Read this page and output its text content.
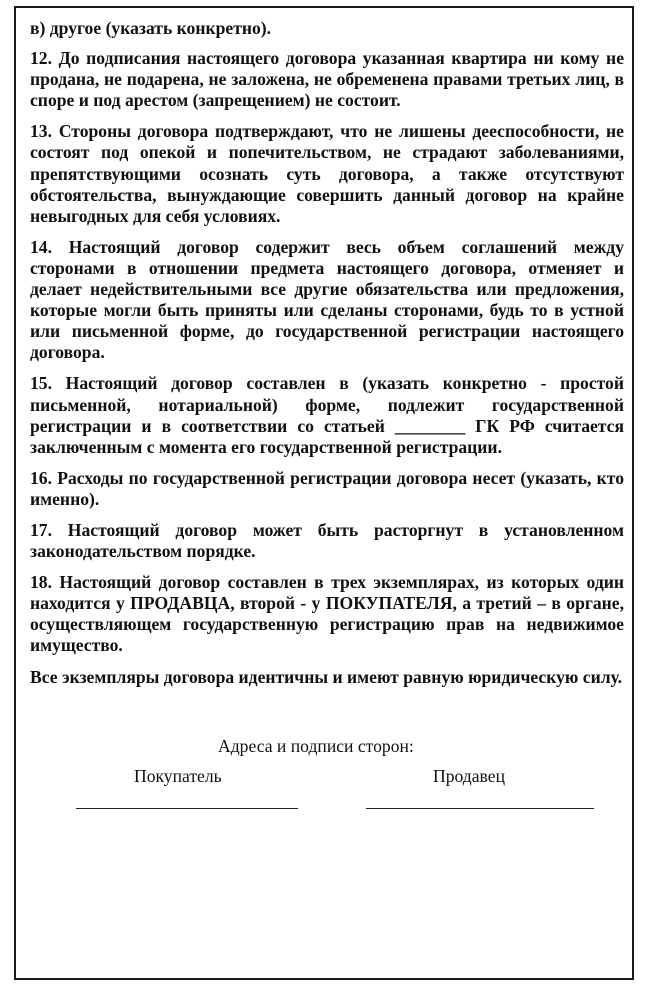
в) другое (указать конкретно).

12. До подписания настоящего договора указанная квартира ни кому не продана, не подарена, не заложена, не обременена правами третьих лиц, в споре и под арестом (запрещением) не состоит.

13. Стороны договора подтверждают, что не лишены дееспособности, не состоят под опекой и попечительством, не страдают заболеваниями, препятствующими осознать суть договора, а также отсутствуют обстоятельства, вынуждающие совершить данный договор на крайне невыгодных для себя условиях.

14. Настоящий договор содержит весь объем соглашений между сторонами в отношении предмета настоящего договора, отменяет и делает недействительными все другие обязательства или предложения, которые могли быть приняты или сделаны сторонами, будь то в устной или письменной форме, до государственной регистрации настоящего договора.

15. Настоящий договор составлен в (указать конкретно - простой письменной, нотариальной) форме, подлежит государственной регистрации и в соответствии со статьей ________ ГК РФ считается заключенным с момента его государственной регистрации.

16. Расходы по государственной регистрации договора несет (указать, кто именно).

17. Настоящий договор может быть расторгнут в установленном законодательством порядке.

18. Настоящий договор составлен в трех экземплярах, из которых один находится у ПРОДАВЦА, второй - у ПОКУПАТЕЛЯ, а третий – в органе, осуществляющем государственную регистрацию прав на недвижимое имущество.

Все экземпляры договора идентичны и имеют равную юридическую силу.

Адреса и подписи сторон:
Покупатель	Продавец
